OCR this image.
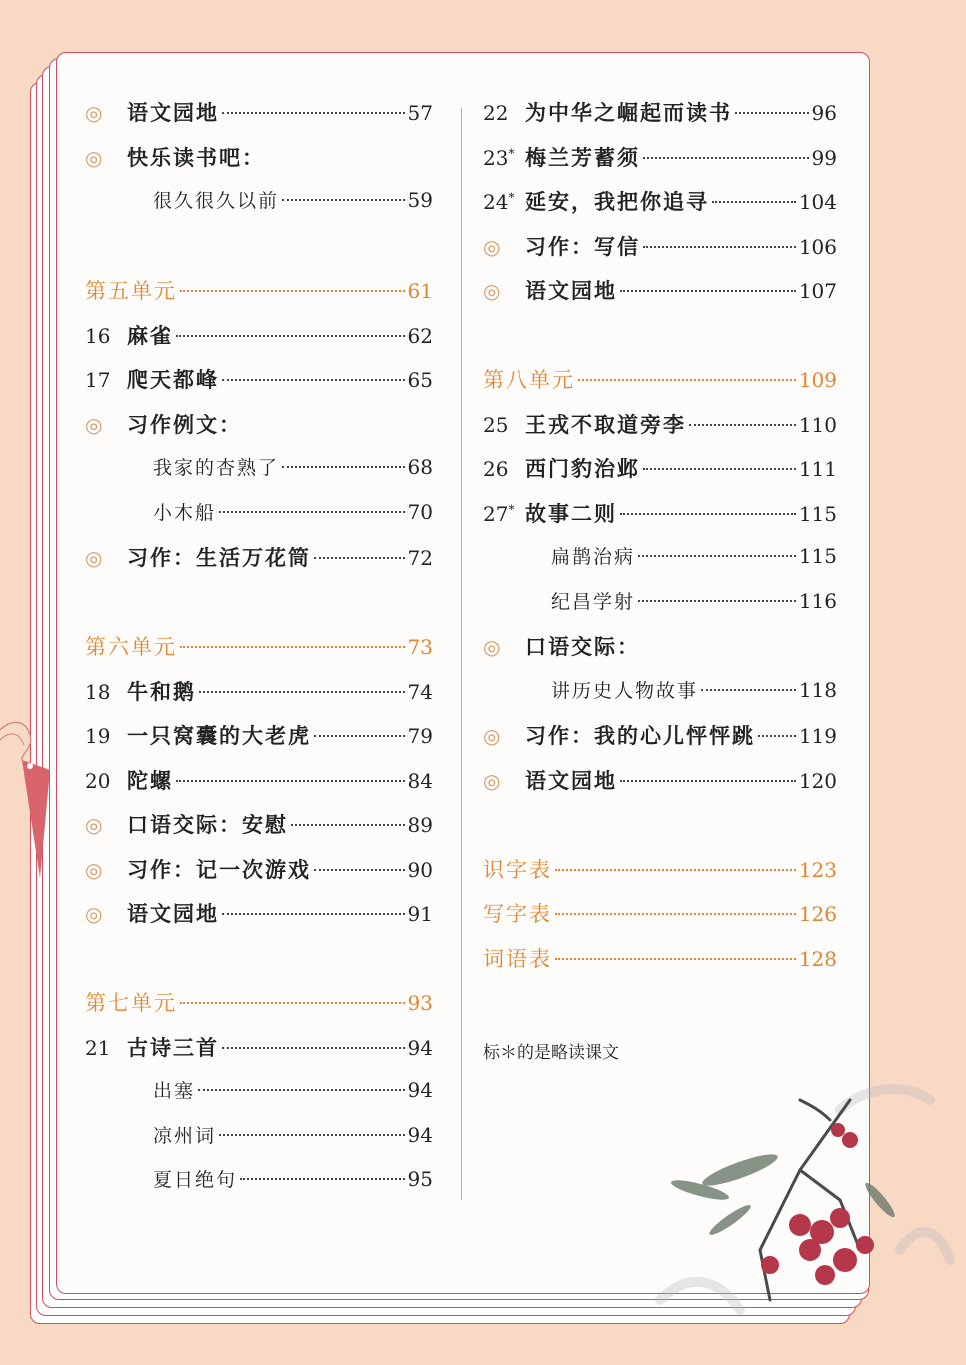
◎	语文园地	57
◎	快乐读书吧：
很久很久以前	59
第五单元	61
16 麻雀	62
17 爬天都峰	65
◎	习作例文：
我家的杏熟了	68
小木船	70
◎	习作：生活万花筒	72
第六单元	73
18 牛和鹅	74
19 一只窝囊的大老虎	79
20 陀螺	84
◎	口语交际：安慰	89
◎	习作：记一次游戏	90
◎	语文园地	91
第七单元	93
21 古诗三首	94
出塞	94
凉州词	94
夏日绝句	95
22 为中华之崛起而读书	96
23* 梅兰芳蓄须	99
24* 延安，我把你追寻	104
◎	习作：写信	106
◎	语文园地	107
第八单元	109
25 王戎不取道旁李	110
26 西门豹治邺	111
27* 故事二则	115
扁鹊治病	115
纪昌学射	116
◎	口语交际：
讲历史人物故事	118
◎	习作：我的心儿怦怦跳 119
◎	语文园地	120
识字表	123
写字表	126
词语表	128
标＊的是略读课文
